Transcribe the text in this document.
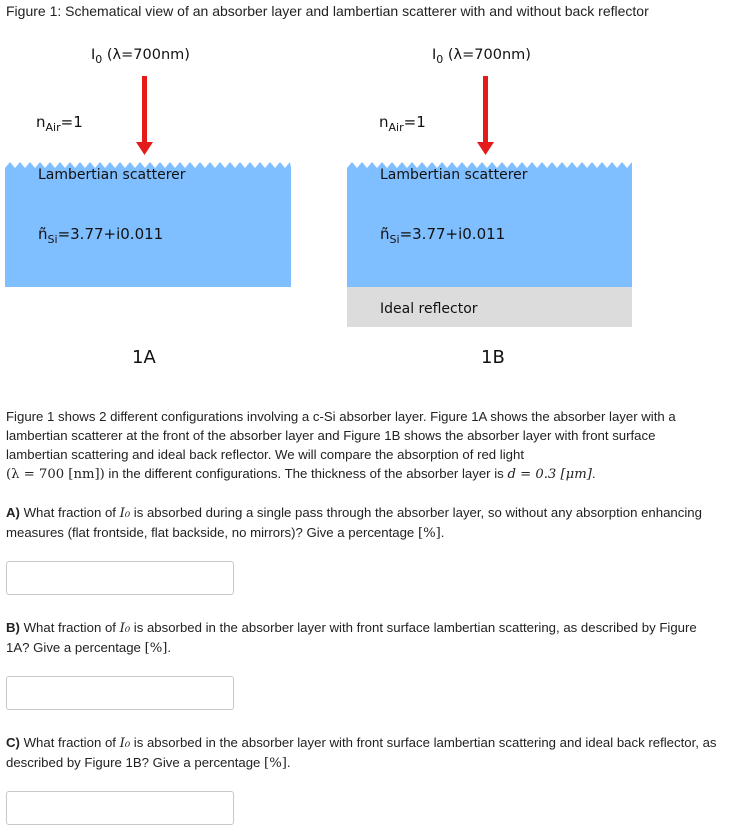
Figure 1: Schematical view of an absorber layer and lambertian scatterer with and without back reflector
$I_0$ (λ=700nm)
$n_{Air}=1$
Lambertian scatterer
$ñ_{Si}=3.77+i0.011$
1A
$I_0$ (λ=700nm)
$n_{Air}=1$
Lambertian scatterer
$ñ_{Si}=3.77+i0.011$
Ideal reflector
1B
Figure 1 shows 2 different configurations involving a c-Si absorber layer. Figure 1A shows the absorber layer with a lambertian scatterer at the front of the absorber layer and Figure 1B shows the absorber layer with front surface lambertian scattering and ideal back reflector. We will compare the absorption of red light
(λ = 700 [nm]) in the different configurations. The thickness of the absorber layer is d = 0.3 [μm].
A) What fraction of I₀ is absorbed during a single pass through the absorber layer, so without any absorption enhancing measures (flat frontside, flat backside, no mirrors)? Give a percentage [%].
B) What fraction of I₀ is absorbed in the absorber layer with front surface lambertian scattering, as described by Figure 1A? Give a percentage [%].
C) What fraction of I₀ is absorbed in the absorber layer with front surface lambertian scattering and ideal back reflector, as described by Figure 1B? Give a percentage [%].
